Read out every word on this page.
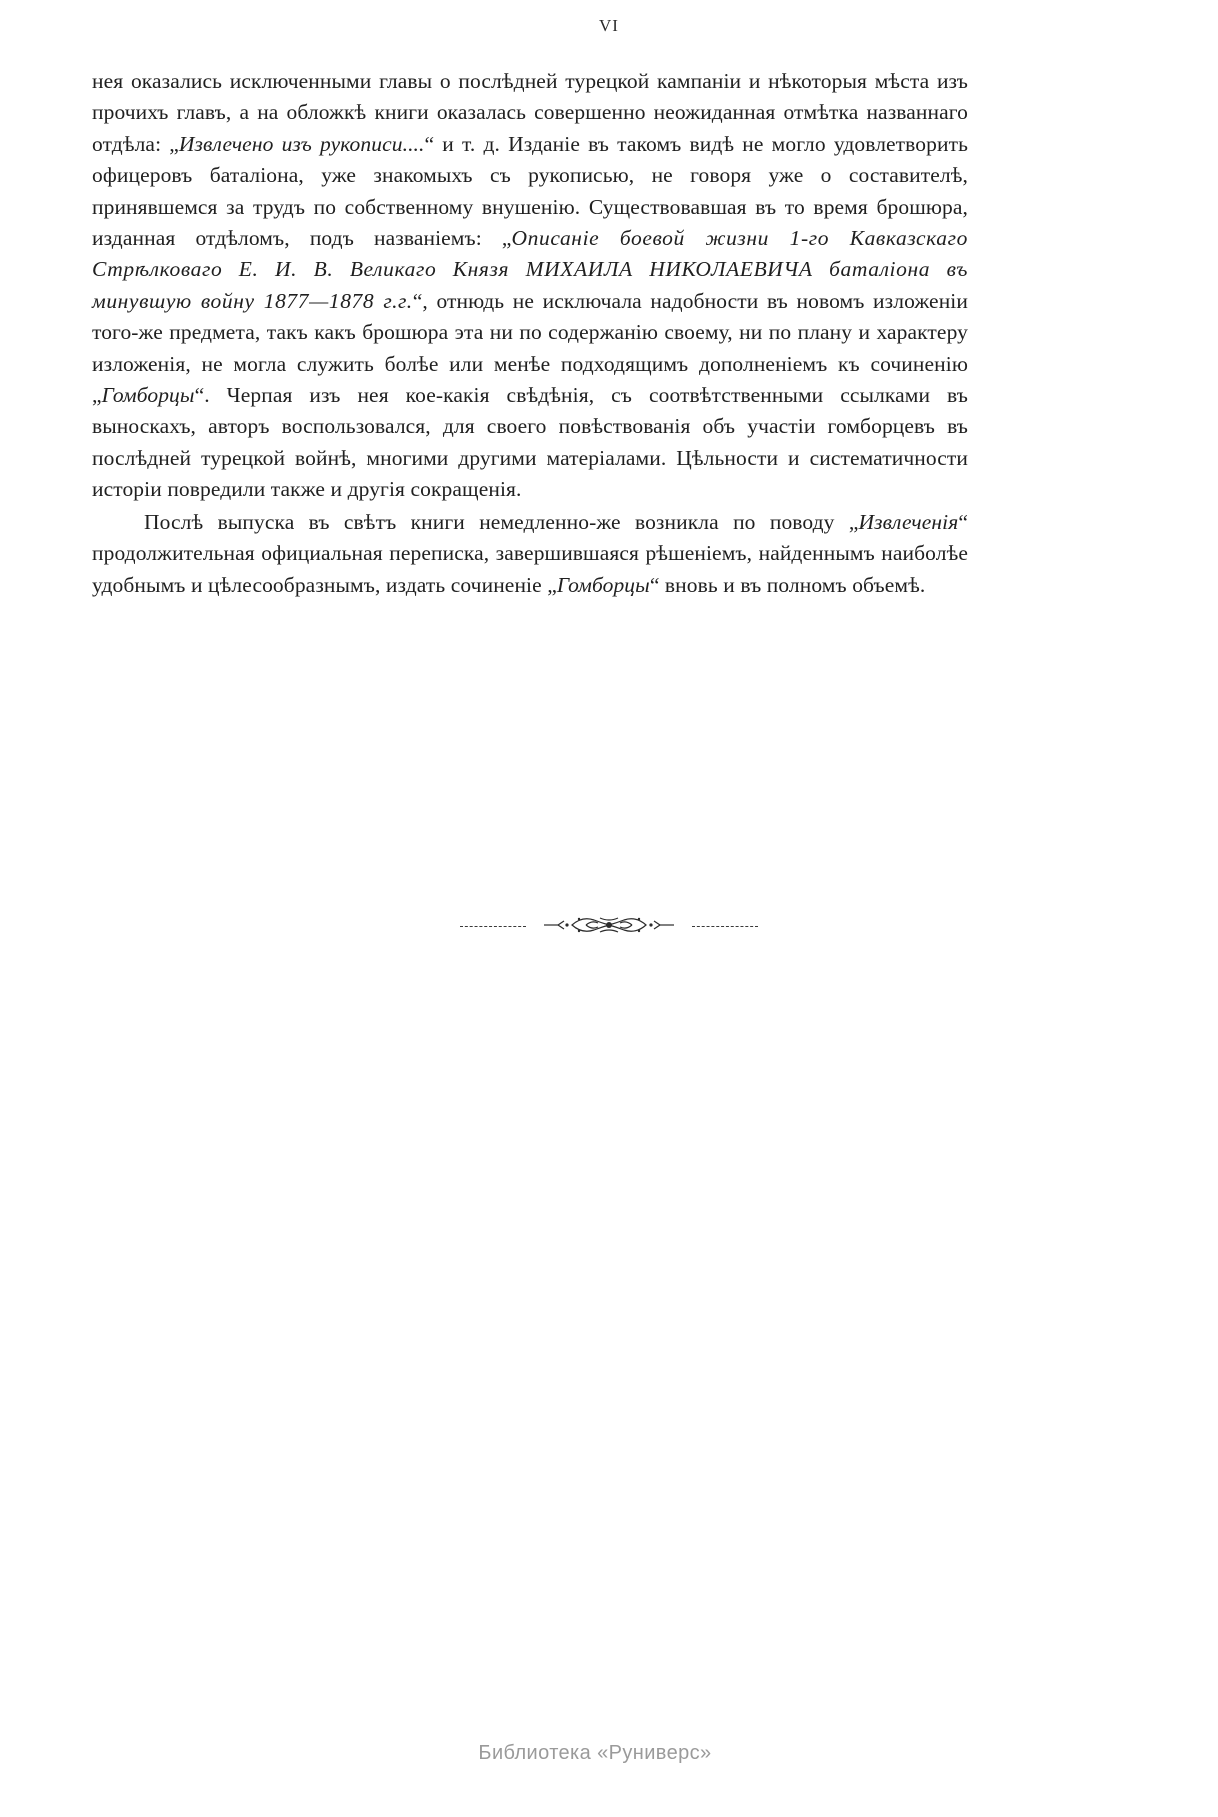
VI

нея оказались исключенными главы о послѣдней турецкой кампаніи и нѣкоторыя мѣста изъ прочихъ главъ, а на обложкѣ книги оказалась совершенно неожиданная отмѣтка названнаго отдѣла: „Извлечено изъ рукописи....“ и т. д. Изданіе въ такомъ видѣ не могло удовлетворить офицеровъ баталіона, уже знакомыхъ съ рукописью, не говоря уже о составителѣ, принявшемся за трудъ по собственному внушенію. Существовавшая въ то время брошюра, изданная отдѣломъ, подъ названіемъ: „Описаніе боевой жизни 1-го Кавказскаго Стрѣлковаго Е. И. В. Великаго Князя МИХАИЛА НИКОЛАЕВИЧА баталіона въ минувшую войну 1877—1878 г.г.“, отнюдь не исключала надобности въ новомъ изложеніи того-же предмета, такъ какъ брошюра эта ни по содержанію своему, ни по плану и характеру изложенія, не могла служить болѣе или менѣе подходящимъ дополненіемъ къ сочиненію „Гомборцы“. Черпая изъ нея кое-какія свѣдѣнія, съ соотвѣтственными ссылками въ выноскахъ, авторъ воспользовался, для своего повѣствованія объ участіи гомборцевъ въ послѣдней турецкой войнѣ, многими другими матеріалами. Цѣльности и систематичности исторіи повредили также и другія сокращенія.

Послѣ выпуска въ свѣтъ книги немедленно-же возникла по поводу „Извлеченія“ продолжительная официальная переписка, завершившаяся рѣшеніемъ, найденнымъ наиболѣе удобнымъ и цѣлесообразнымъ, издать сочиненіе „Гомборцы“ вновь и въ полномъ объемѣ.

Библиотека «Руниверс»
